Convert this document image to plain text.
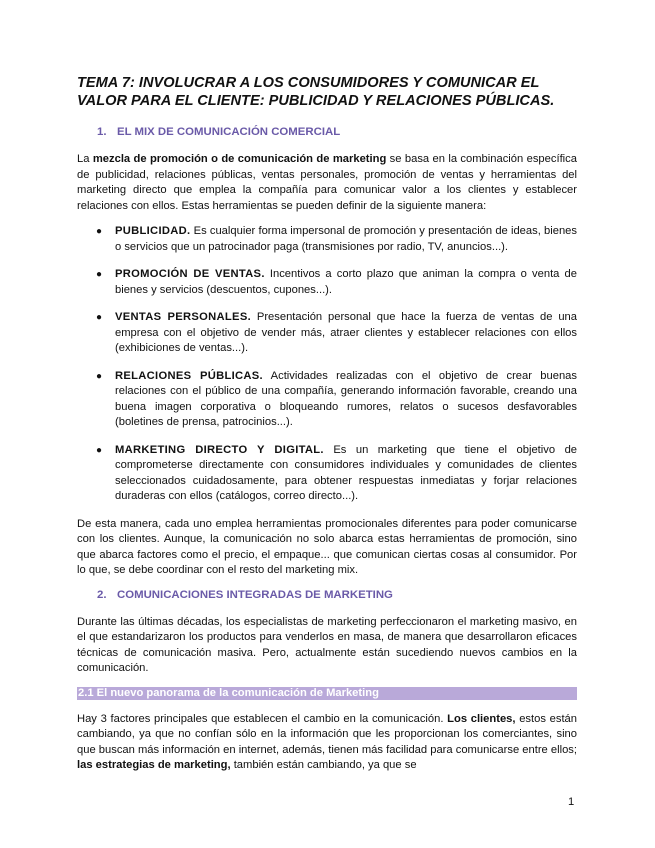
TEMA 7: INVOLUCRAR A LOS CONSUMIDORES Y COMUNICAR EL VALOR PARA EL CLIENTE: PUBLICIDAD Y RELACIONES PÚBLICAS.
1. EL MIX DE COMUNICACIÓN COMERCIAL

La mezcla de promoción o de comunicación de marketing se basa en la combinación específica de publicidad, relaciones públicas, ventas personales, promoción de ventas y herramientas del marketing directo que emplea la compañía para comunicar valor a los clientes y establecer relaciones con ellos. Estas herramientas se pueden definir de la siguiente manera:

● PUBLICIDAD. Es cualquier forma impersonal de promoción y presentación de ideas, bienes o servicios que un patrocinador paga (transmisiones por radio, TV, anuncios...).
● PROMOCIÓN DE VENTAS. Incentivos a corto plazo que animan la compra o venta de bienes y servicios (descuentos, cupones...).
● VENTAS PERSONALES. Presentación personal que hace la fuerza de ventas de una empresa con el objetivo de vender más, atraer clientes y establecer relaciones con ellos (exhibiciones de ventas...).
● RELACIONES PÚBLICAS. Actividades realizadas con el objetivo de crear buenas relaciones con el público de una compañía, generando información favorable, creando una buena imagen corporativa o bloqueando rumores, relatos o sucesos desfavorables (boletines de prensa, patrocinios...).
● MARKETING DIRECTO Y DIGITAL. Es un marketing que tiene el objetivo de comprometerse directamente con consumidores individuales y comunidades de clientes seleccionados cuidadosamente, para obtener respuestas inmediatas y forjar relaciones duraderas con ellos (catálogos, correo directo...).

De esta manera, cada uno emplea herramientas promocionales diferentes para poder comunicarse con los clientes. Aunque, la comunicación no solo abarca estas herramientas de promoción, sino que abarca factores como el precio, el empaque... que comunican ciertas cosas al consumidor. Por lo que, se debe coordinar con el resto del marketing mix.

2. COMUNICACIONES INTEGRADAS DE MARKETING

Durante las últimas décadas, los especialistas de marketing perfeccionaron el marketing masivo, en el que estandarizaron los productos para venderlos en masa, de manera que desarrollaron eficaces técnicas de comunicación masiva. Pero, actualmente están sucediendo nuevos cambios en la comunicación.

2.1 El nuevo panorama de la comunicación de Marketing

Hay 3 factores principales que establecen el cambio en la comunicación. Los clientes, estos están cambiando, ya que no confían sólo en la información que les proporcionan los comerciantes, sino que buscan más información en internet, además, tienen más facilidad para comunicarse entre ellos; las estrategias de marketing, también están cambiando, ya que se

1
